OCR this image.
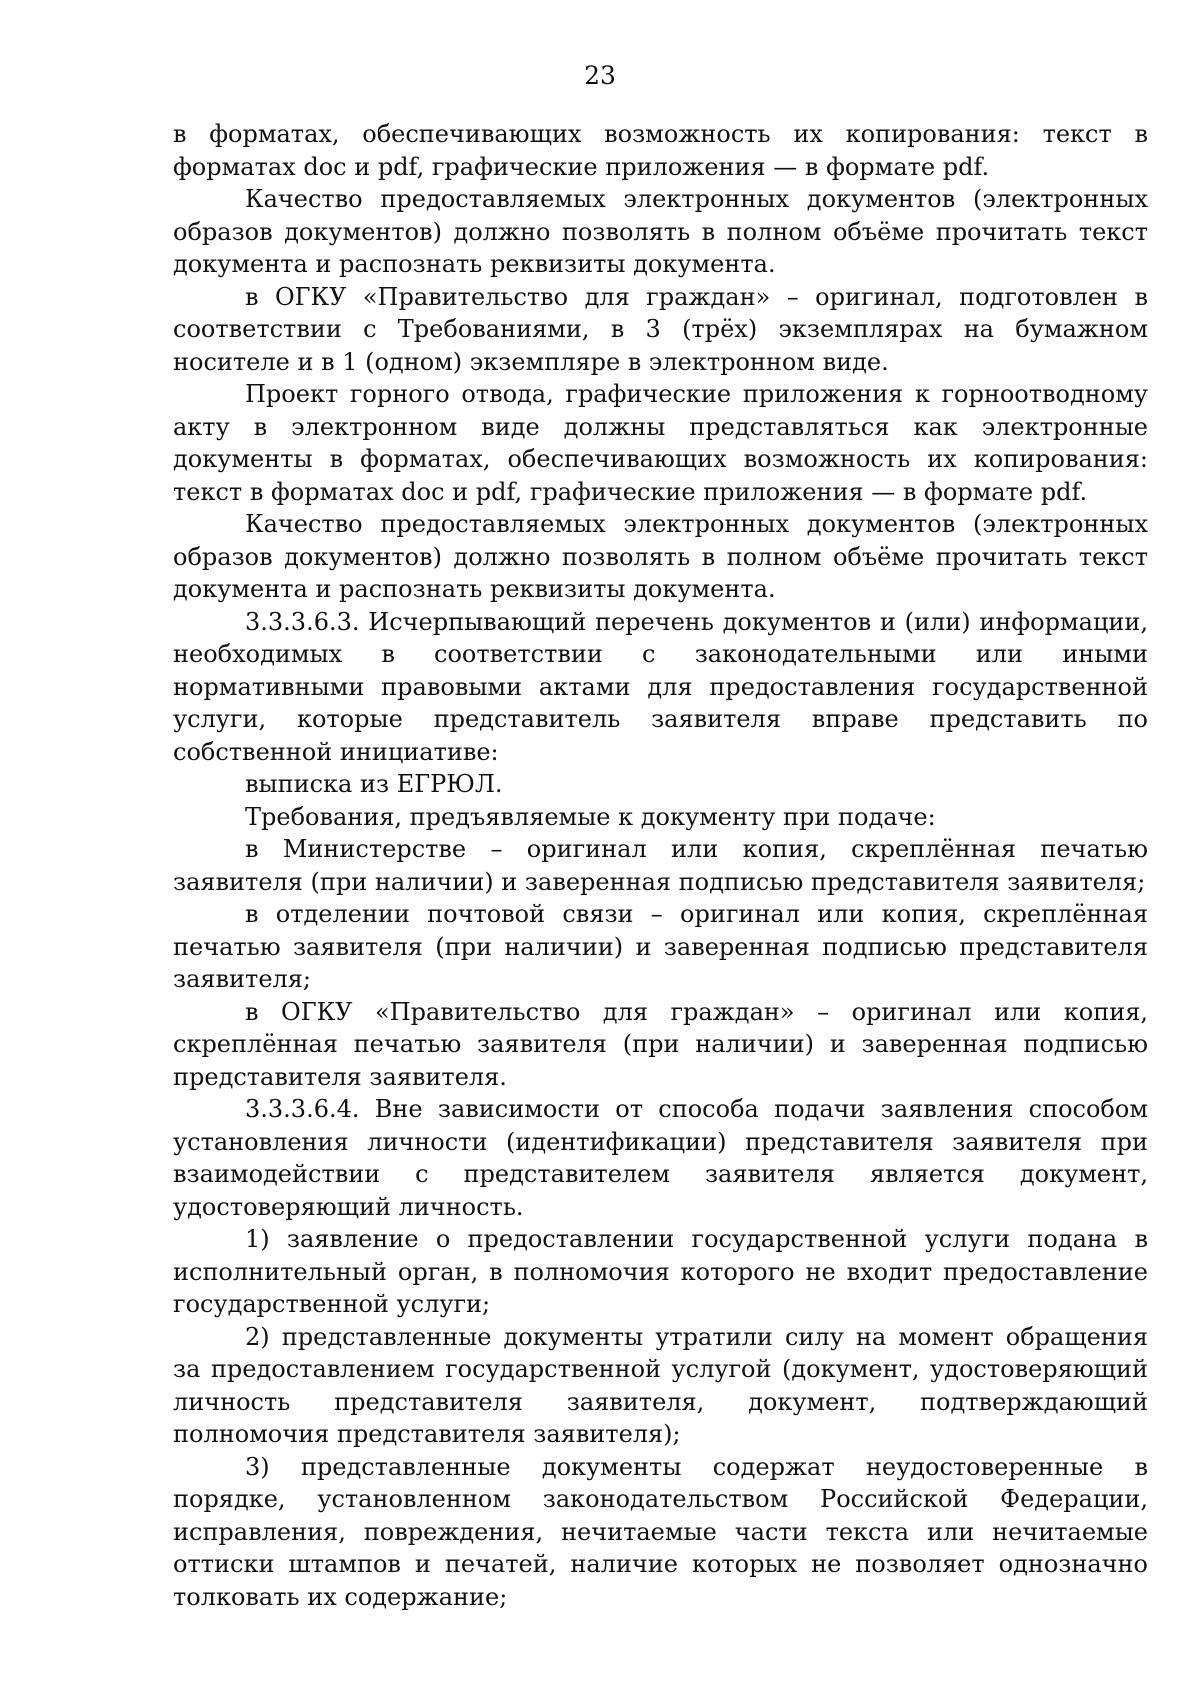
23

в форматах, обеспечивающих возможность их копирования: текст в форматах doc и pdf, графические приложения — в формате pdf.

Качество предоставляемых электронных документов (электронных образов документов) должно позволять в полном объёме прочитать текст документа и распознать реквизиты документа.

в ОГКУ «Правительство для граждан» – оригинал, подготовлен в соответствии с Требованиями, в 3 (трёх) экземплярах на бумажном носителе и в 1 (одном) экземпляре в электронном виде.

Проект горного отвода, графические приложения к горноотводному акту в электронном виде должны представляться как электронные документы в форматах, обеспечивающих возможность их копирования: текст в форматах doc и pdf, графические приложения — в формате pdf.

Качество предоставляемых электронных документов (электронных образов документов) должно позволять в полном объёме прочитать текст документа и распознать реквизиты документа.

3.3.3.6.3. Исчерпывающий перечень документов и (или) информации, необходимых в соответствии с законодательными или иными нормативными правовыми актами для предоставления государственной услуги, которые представитель заявителя вправе представить по собственной инициативе:

выписка из ЕГРЮЛ.

Требования, предъявляемые к документу при подаче:

в Министерстве – оригинал или копия, скреплённая печатью заявителя (при наличии) и заверенная подписью представителя заявителя;

в отделении почтовой связи – оригинал или копия, скреплённая печатью заявителя (при наличии) и заверенная подписью представителя заявителя;

в ОГКУ «Правительство для граждан» – оригинал или копия, скреплённая печатью заявителя (при наличии) и заверенная подписью представителя заявителя.

3.3.3.6.4. Вне зависимости от способа подачи заявления способом установления личности (идентификации) представителя заявителя при взаимодействии с представителем заявителя является документ, удостоверяющий личность.

1) заявление о предоставлении государственной услуги подана в исполнительный орган, в полномочия которого не входит предоставление государственной услуги;

2) представленные документы утратили силу на момент обращения за предоставлением государственной услугой (документ, удостоверяющий личность представителя заявителя, документ, подтверждающий полномочия представителя заявителя);

3) представленные документы содержат неудостоверенные в порядке, установленном законодательством Российской Федерации, исправления, повреждения, нечитаемые части текста или нечитаемые оттиски штампов и печатей, наличие которых не позволяет однозначно толковать их содержание;
